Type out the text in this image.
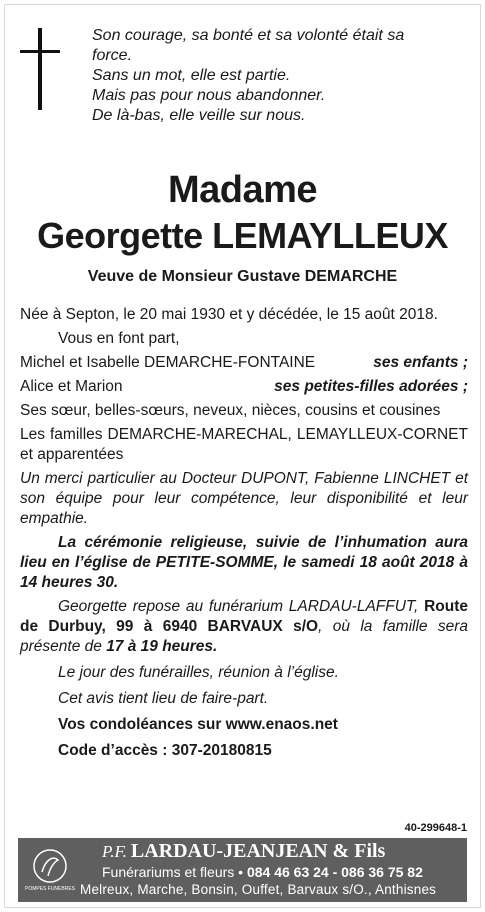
Son courage, sa bonté et sa volonté était sa
force.
Sans un mot, elle est partie.
Mais pas pour nous abandonner.
De là-bas, elle veille sur nous.
Madame
Georgette LEMAYLLEUX
Veuve de Monsieur Gustave DEMARCHE

Née à Septon, le 20 mai 1930 et y décédée, le 15 août 2018.

Vous en font part,

Michel et Isabelle DEMARCHE-FONTAINE	ses enfants ;
Alice et Marion	ses petites-filles adorées ;

Ses sœur, belles-sœurs, neveux, nièces, cousins et cousines

Les familles DEMARCHE-MARECHAL, LEMAYLLEUX-CORNET et apparentées

Un merci particulier au Docteur DUPONT, Fabienne LINCHET et son équipe pour leur compétence, leur disponibilité et leur empathie.

La cérémonie religieuse, suivie de l’inhumation aura lieu en l’église de PETITE-SOMME, le samedi 18 août 2018 à 14 heures 30.

Georgette repose au funérarium LARDAU-LAFFUT, Route de Durbuy, 99 à 6940 BARVAUX s/O, où la famille sera présente de 17 à 19 heures.

Le jour des funérailles, réunion à l’église.

Cet avis tient lieu de faire-part.

Vos condoléances sur www.enaos.net

Code d’accès : 307-20180815

40-299648-1
POMPES FUNEBRES
P.F. LARDAU-JEANJEAN & Fils
Funérariums et fleurs • 084 46 63 24 - 086 36 75 82
Melreux, Marche, Bonsin, Ouffet, Barvaux s/O., Anthisnes
